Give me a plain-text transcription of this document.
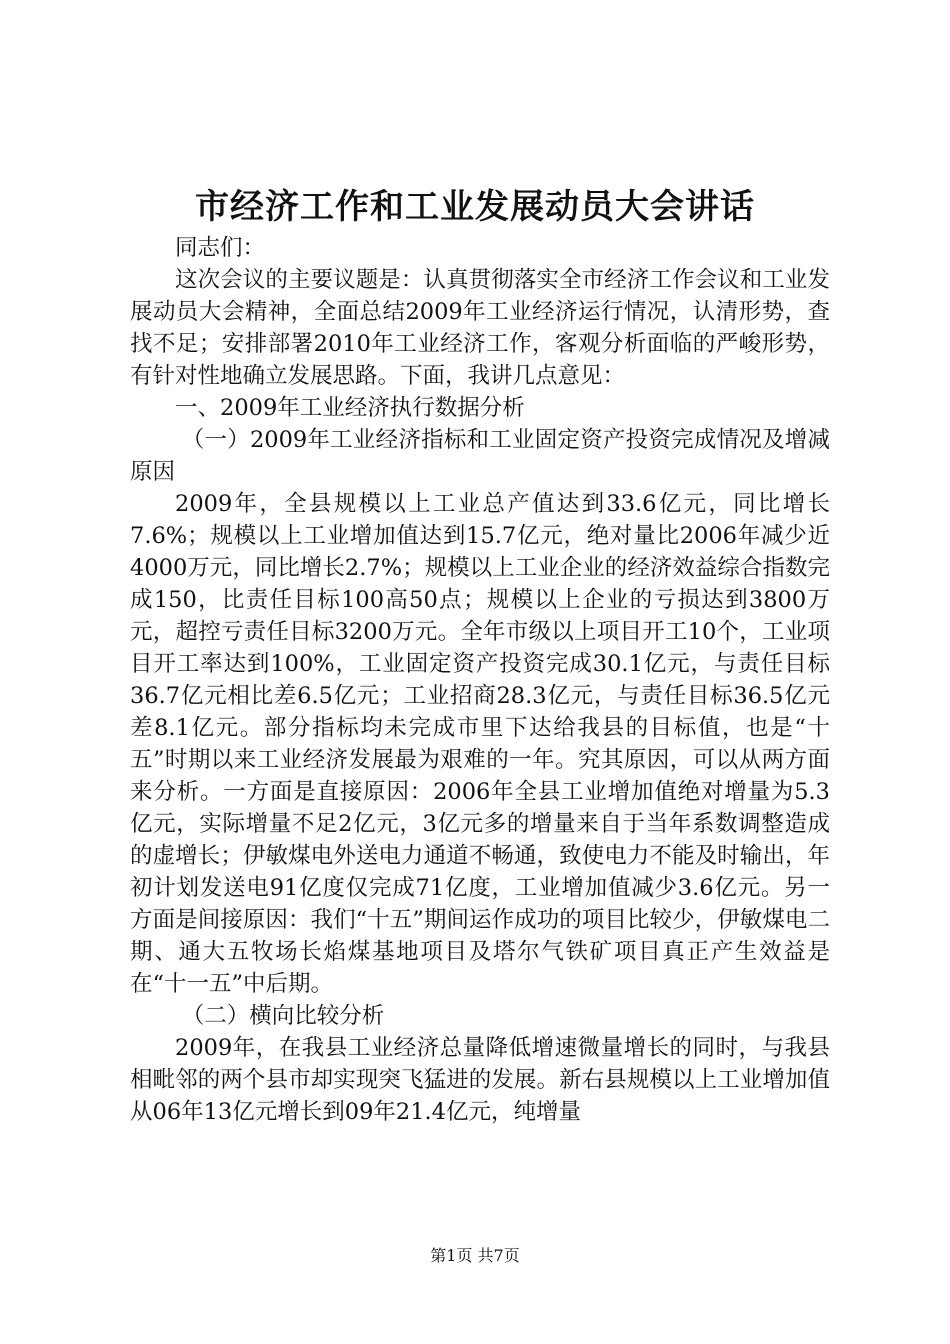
市经济工作和工业发展动员大会讲话

同志们：

这次会议的主要议题是：认真贯彻落实全市经济工作会议和工业发展动员大会精神，全面总结2009年工业经济运行情况，认清形势，查找不足；安排部署2010年工业经济工作，客观分析面临的严峻形势，有针对性地确立发展思路。下面，我讲几点意见：

一、2009年工业经济执行数据分析

（一）2009年工业经济指标和工业固定资产投资完成情况及增减原因

2009年，全县规模以上工业总产值达到33.6亿元，同比增长7.6%；规模以上工业增加值达到15.7亿元，绝对量比2006年减少近4000万元，同比增长2.7%；规模以上工业企业的经济效益综合指数完成150，比责任目标100高50点；规模以上企业的亏损达到3800万元，超控亏责任目标3200万元。全年市级以上项目开工10个，工业项目开工率达到100%，工业固定资产投资完成30.1亿元，与责任目标36.7亿元相比差6.5亿元；工业招商28.3亿元，与责任目标36.5亿元差8.1亿元。部分指标均未完成市里下达给我县的目标值，也是“十五”时期以来工业经济发展最为艰难的一年。究其原因，可以从两方面来分析。一方面是直接原因：2006年全县工业增加值绝对增量为5.3亿元，实际增量不足2亿元，3亿元多的增量来自于当年系数调整造成的虚增长；伊敏煤电外送电力通道不畅通，致使电力不能及时输出，年初计划发送电91亿度仅完成71亿度，工业增加值减少3.6亿元。另一方面是间接原因：我们“十五”期间运作成功的项目比较少，伊敏煤电二期、通大五牧场长焰煤基地项目及塔尔气铁矿项目真正产生效益是在“十一五”中后期。

（二）横向比较分析

2009年，在我县工业经济总量降低增速微量增长的同时，与我县相毗邻的两个县市却实现突飞猛进的发展。新右县规模以上工业增加值从06年13亿元增长到09年21.4亿元，纯增量

第1页 共7页
